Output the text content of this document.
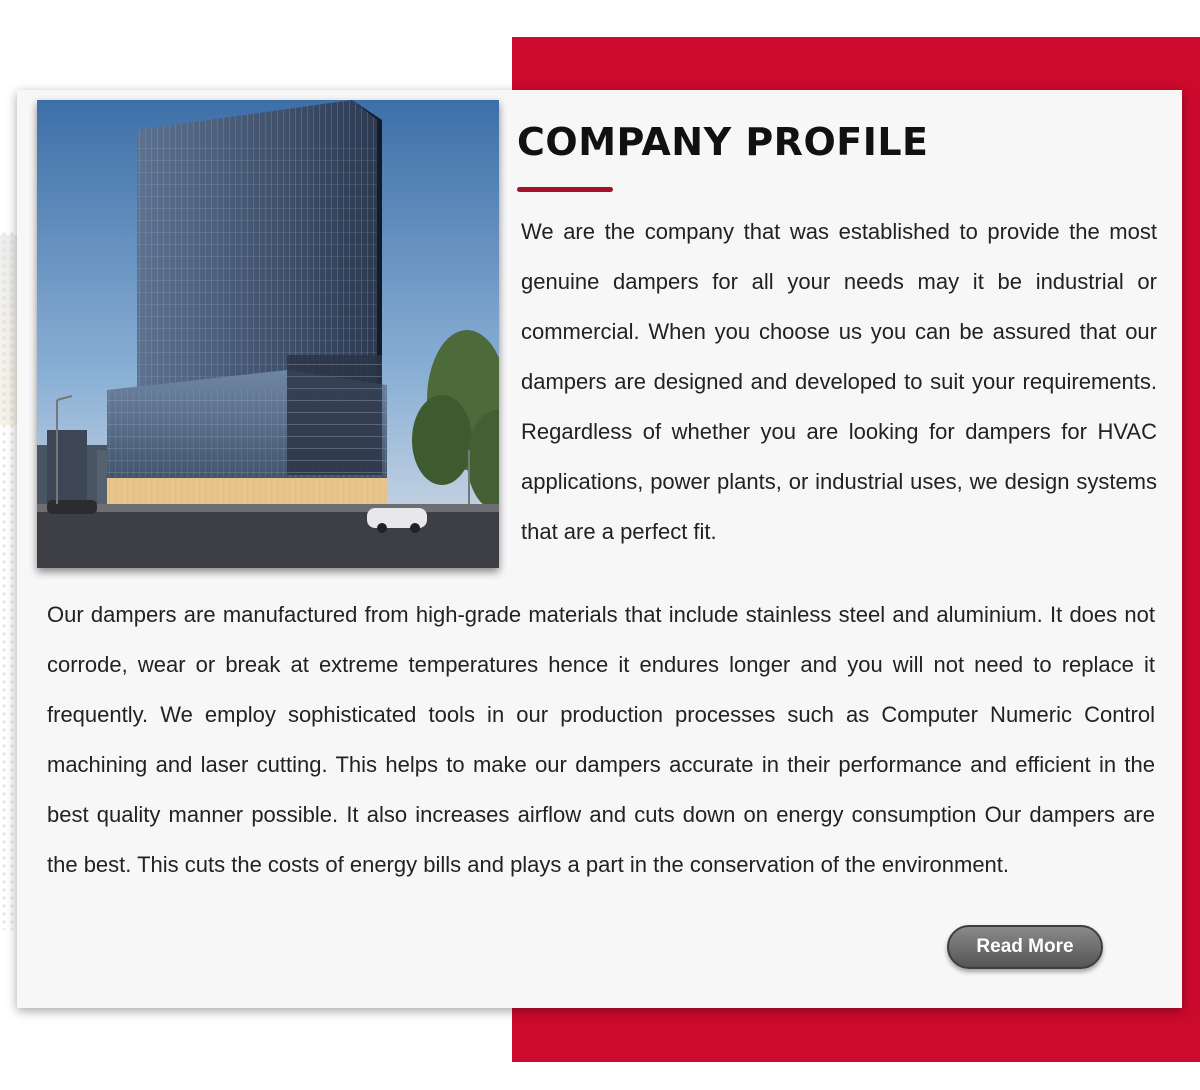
COMPANY PROFILE

We are the company that was established to provide the most genuine dampers for all your needs may it be industrial or commercial. When you choose us you can be assured that our dampers are designed and developed to suit your requirements. Regardless of whether you are looking for dampers for HVAC applications, power plants, or industrial uses, we design systems that are a perfect fit.

Our dampers are manufactured from high-grade materials that include stainless steel and aluminium. It does not corrode, wear or break at extreme temperatures hence it endures longer and you will not need to replace it frequently. We employ sophisticated tools in our production processes such as Computer Numeric Control machining and laser cutting. This helps to make our dampers accurate in their performance and efficient in the best quality manner possible. It also increases airflow and cuts down on energy consumption Our dampers are the best. This cuts the costs of energy bills and plays a part in the conservation of the environment.

Read More
